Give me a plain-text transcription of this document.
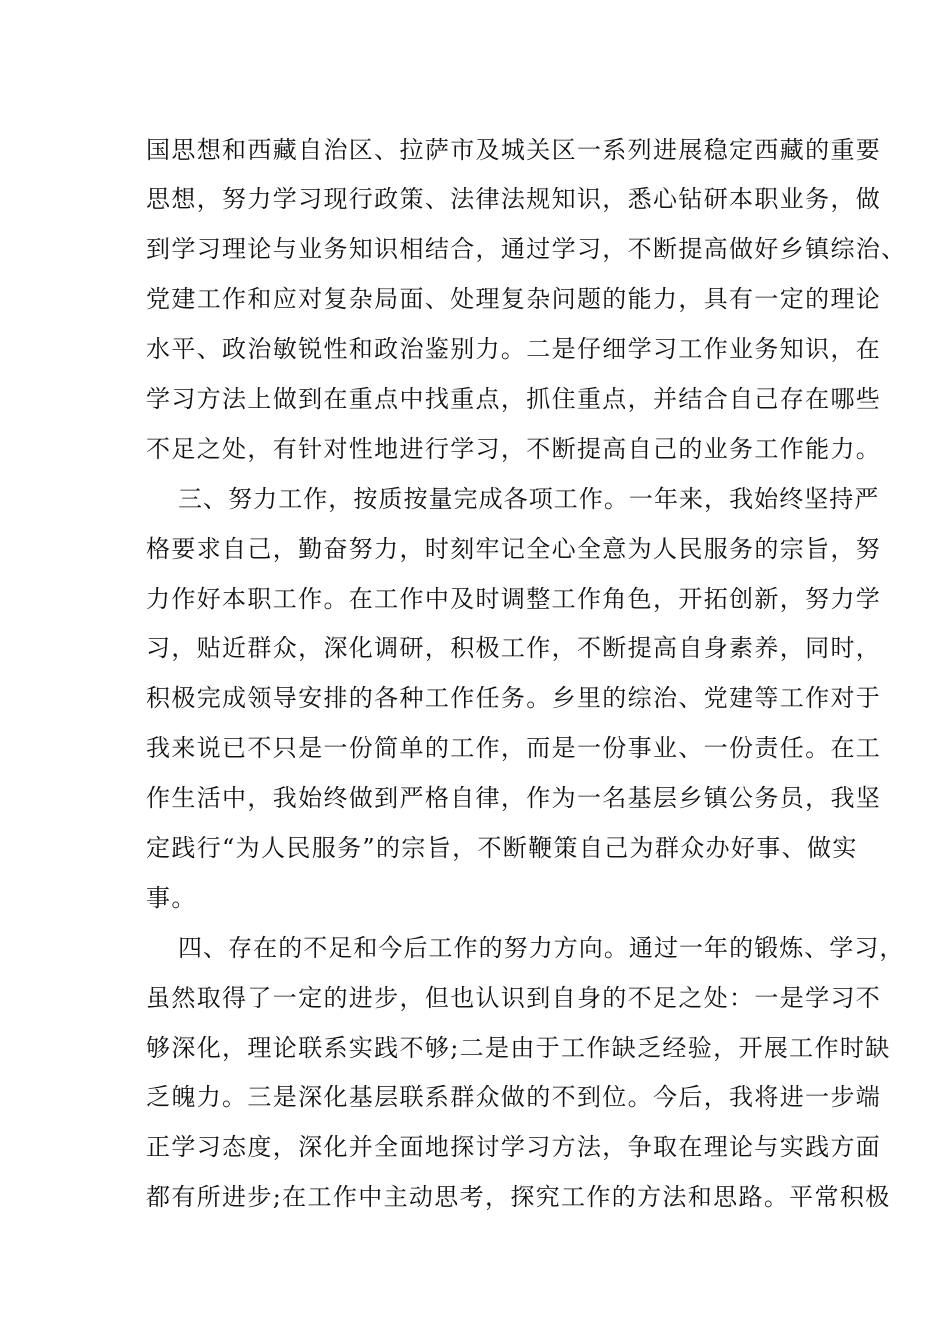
国思想和西藏自治区、拉萨市及城关区一系列进展稳定西藏的重要
思想，努力学习现行政策、法律法规知识，悉心钻研本职业务，做
到学习理论与业务知识相结合，通过学习，不断提高做好乡镇综治、
党建工作和应对复杂局面、处理复杂问题的能力，具有一定的理论
水平、政治敏锐性和政治鉴别力。二是仔细学习工作业务知识，在
学习方法上做到在重点中找重点，抓住重点，并结合自己存在哪些
不足之处，有针对性地进行学习，不断提高自己的业务工作能力。
三、努力工作，按质按量完成各项工作。一年来，我始终坚持严
格要求自己，勤奋努力，时刻牢记全心全意为人民服务的宗旨，努
力作好本职工作。在工作中及时调整工作角色，开拓创新，努力学
习，贴近群众，深化调研，积极工作，不断提高自身素养，同时，
积极完成领导安排的各种工作任务。乡里的综治、党建等工作对于
我来说已不只是一份简单的工作，而是一份事业、一份责任。在工
作生活中，我始终做到严格自律，作为一名基层乡镇公务员，我坚
定践行“为人民服务”的宗旨，不断鞭策自己为群众办好事、做实
事。
四、存在的不足和今后工作的努力方向。通过一年的锻炼、学习，
虽然取得了一定的进步，但也认识到自身的不足之处：一是学习不
够深化，理论联系实践不够;二是由于工作缺乏经验，开展工作时缺
乏魄力。三是深化基层联系群众做的不到位。今后，我将进一步端
正学习态度，深化并全面地探讨学习方法，争取在理论与实践方面
都有所进步;在工作中主动思考，探究工作的方法和思路。平常积极
